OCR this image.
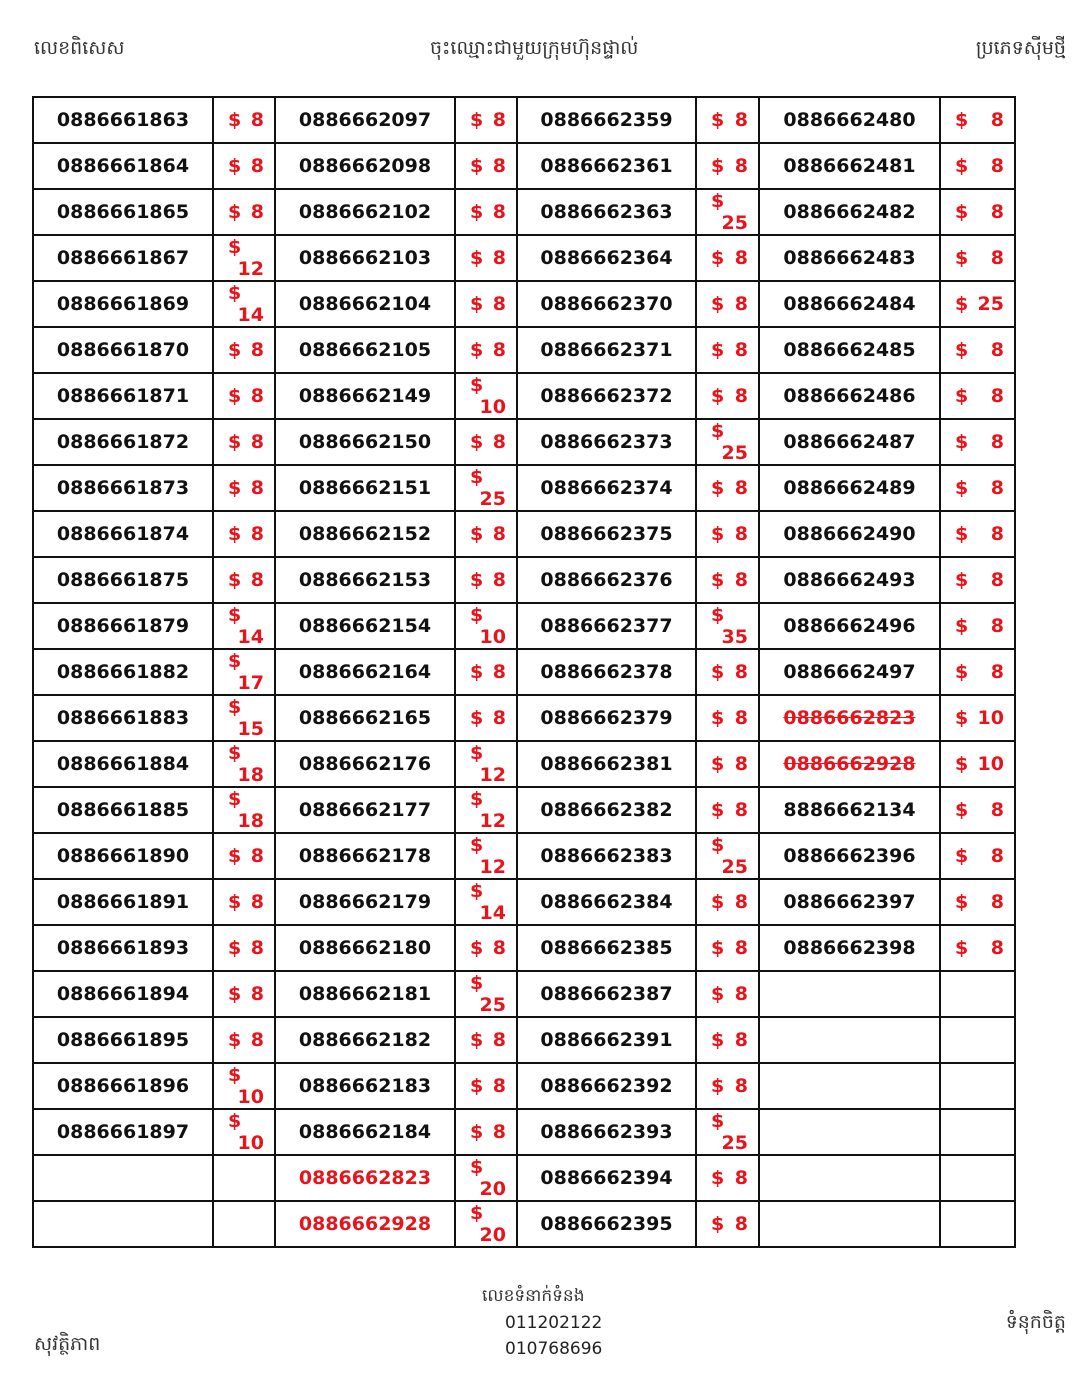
លេខពិសេស	ចុះឈ្មោះជាមួយក្រុមហ៊ុនផ្ទាល់	ប្រភេទស៊ីមថ្មី
0886661863	$ 8	0886662097	$ 8	0886662359	$ 8	0886662480	$ 8

0886661864	$ 8	0886662098	$ 8	0886662361	$ 8	0886662481	$ 8

0886661865	$ 8	0886662102	$ 8	0886662363	$
25	0886662482	$ 8

0886661867	$
12	0886662103	$ 8	0886662364	$ 8	0886662483	$ 8

0886661869	$
14	0886662104	$ 8	0886662370	$ 8	0886662484	$ 25

0886661870	$ 8	0886662105	$ 8	0886662371	$ 8	0886662485	$ 8

0886661871	$ 8	0886662149	$
10	0886662372	$ 8	0886662486	$ 8

0886661872	$ 8	0886662150	$ 8	0886662373	$
25	0886662487	$ 8

0886661873	$ 8	0886662151	$
25	0886662374	$ 8	0886662489	$ 8

0886661874	$ 8	0886662152	$ 8	0886662375	$ 8	0886662490	$ 8

0886661875	$ 8	0886662153	$ 8	0886662376	$ 8	0886662493	$ 8

0886661879	$
14	0886662154	$
10	0886662377	$
35	0886662496	$ 8

0886661882	$
17	0886662164	$ 8	0886662378	$ 8	0886662497	$ 8

0886661883	$
15	0886662165	$ 8	0886662379	$ 8	0886662823	$ 10

0886661884	$
18	0886662176	$
12	0886662381	$ 8	0886662928	$ 10

0886661885	$
18	0886662177	$
12	0886662382	$ 8	8886662134	$ 8

0886661890	$ 8	0886662178	$
12	0886662383	$
25	0886662396	$ 8

0886661891	$ 8	0886662179	$
14	0886662384	$ 8	0886662397	$ 8

0886661893	$ 8	0886662180	$ 8	0886662385	$ 8	0886662398	$ 8

0886661894	$ 8	0886662181	$
25	0886662387	$ 8		

0886661895	$ 8	0886662182	$ 8	0886662391	$ 8		

0886661896	$
10	0886662183	$ 8	0886662392	$ 8		

0886661897	$
10	0886662184	$ 8	0886662393	$
25		

		0886662823	$
20	0886662394	$ 8		

		0886662928	$
20	0886662395	$ 8		

លេខទំនាក់ទំនង
011202122
010768696
សុវត្ថិភាព
ទំនុកចិត្ត
